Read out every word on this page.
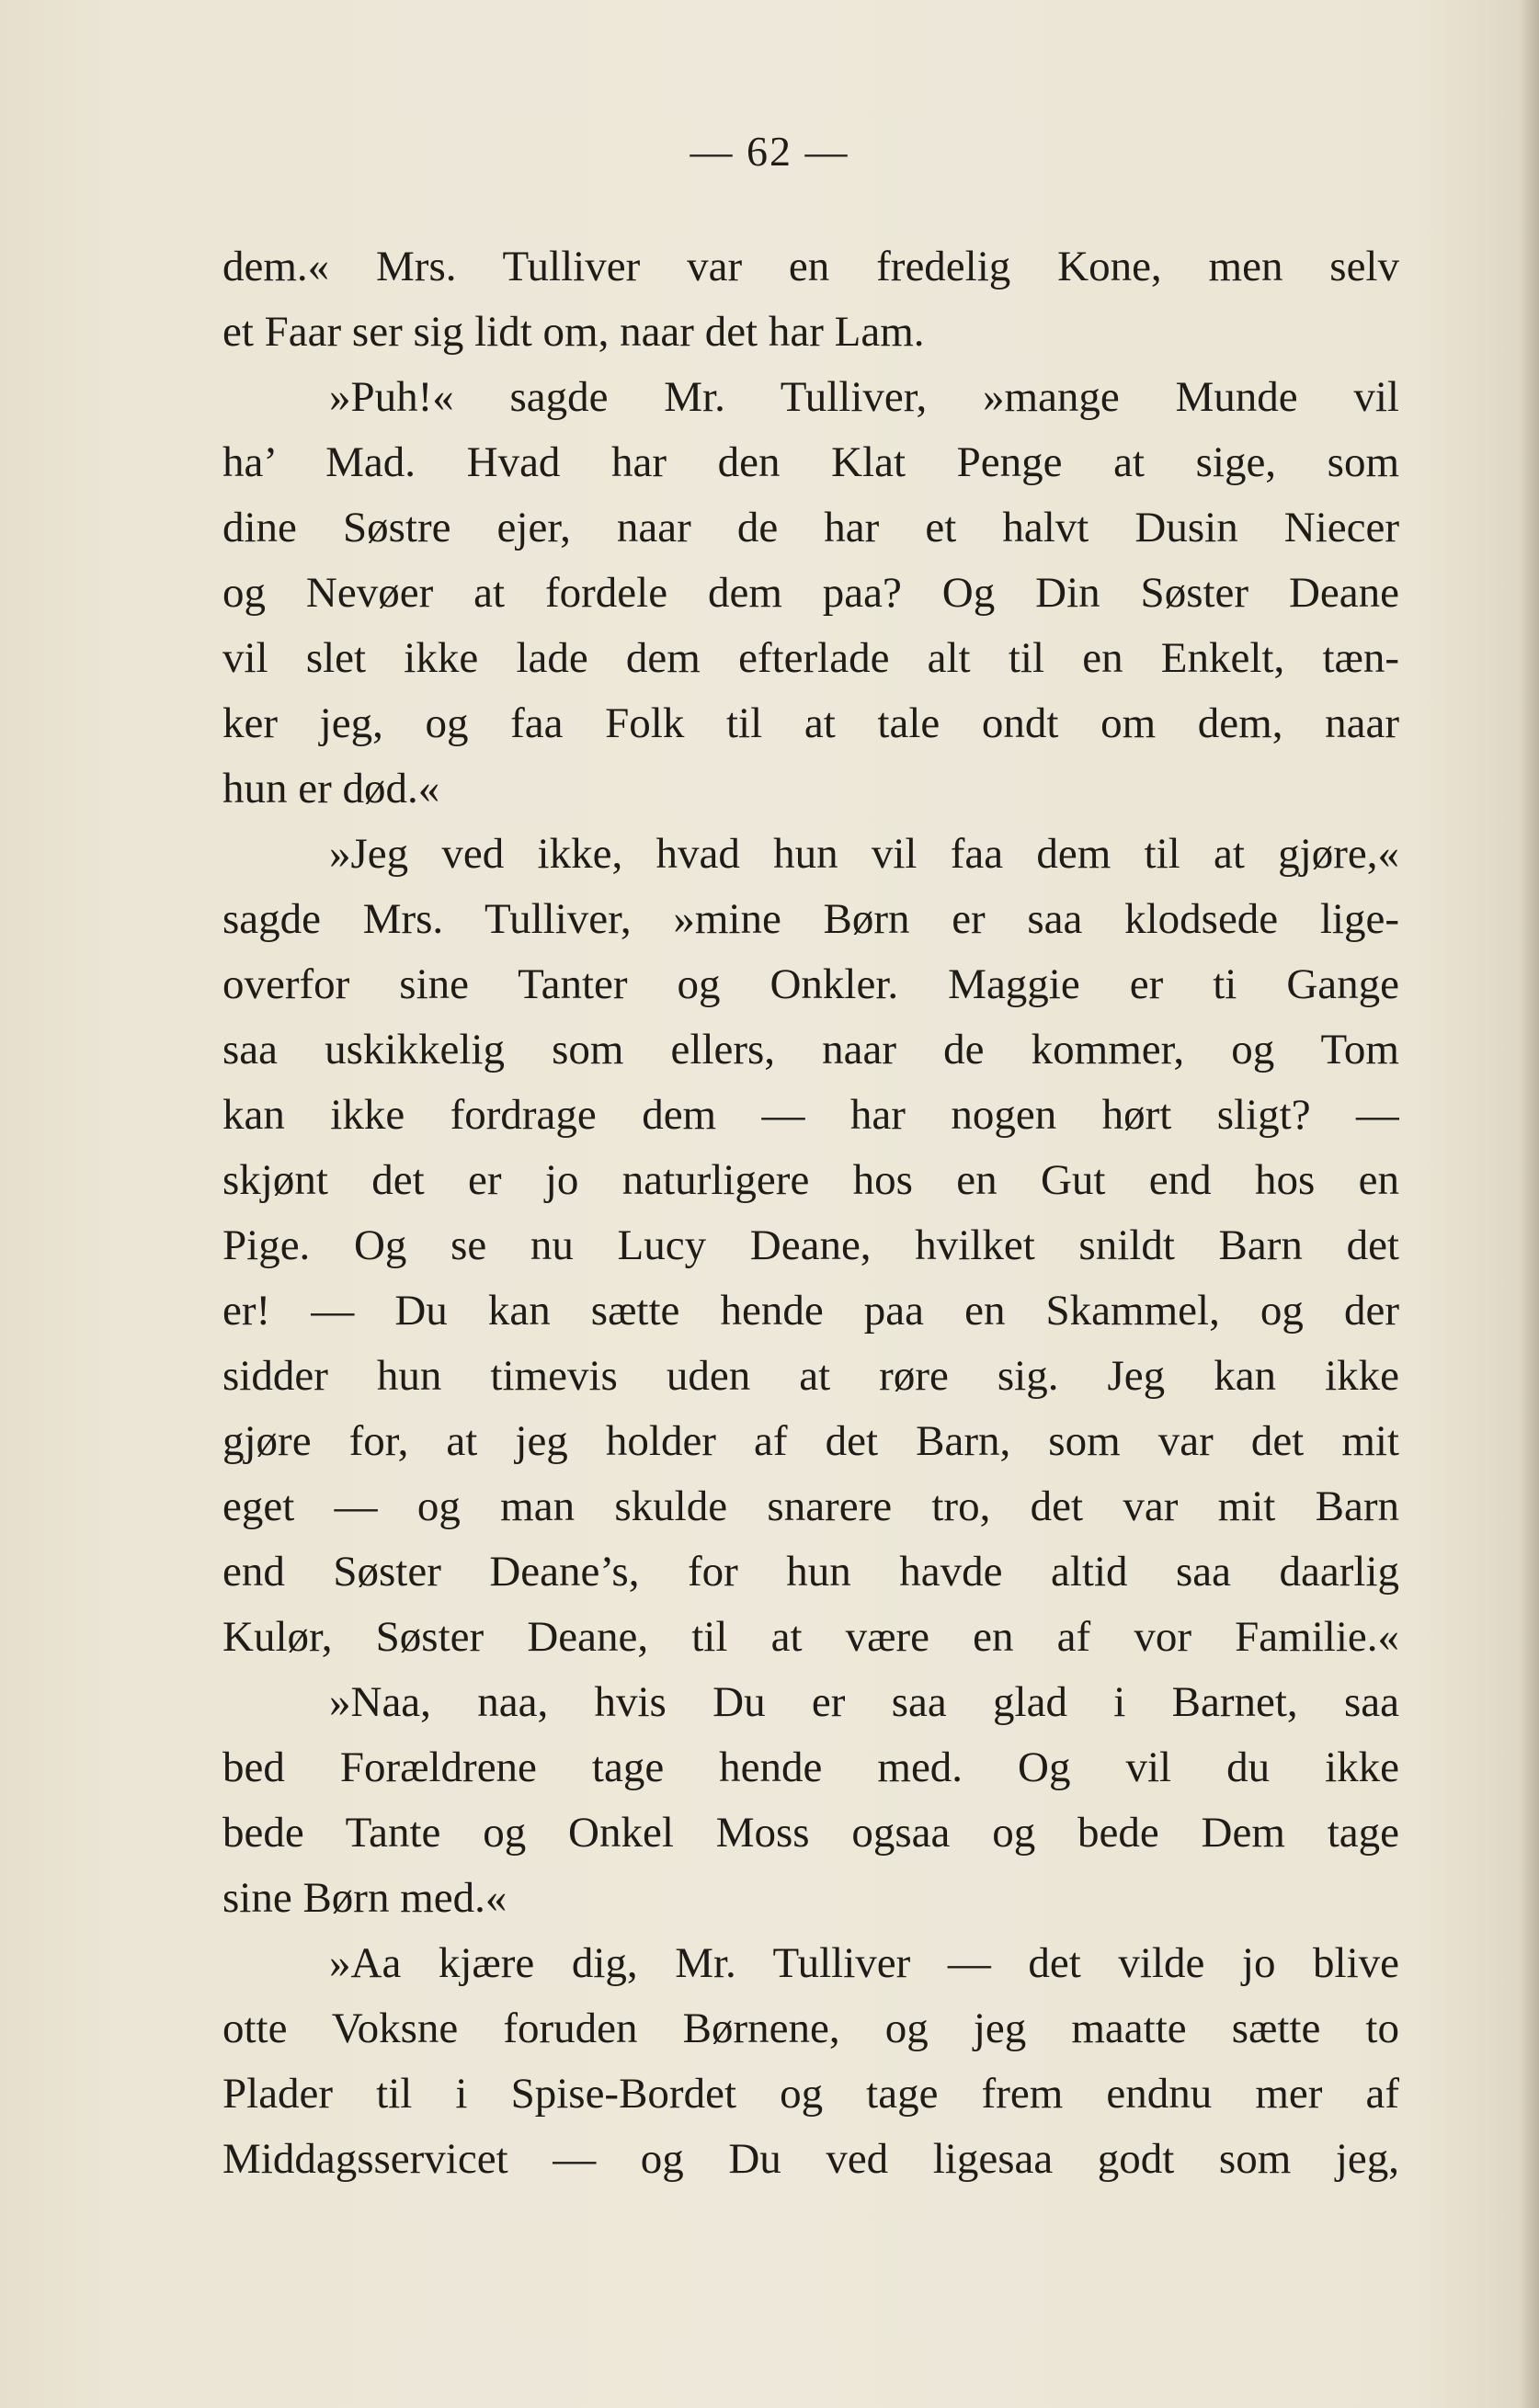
— 62 —
dem.« Mrs. Tulliver var en fredelig Kone, men selv
et Faar ser sig lidt om, naar det har Lam.
»Puh!« sagde Mr. Tulliver, »mange Munde vil
ha’ Mad. Hvad har den Klat Penge at sige, som
dine Søstre ejer, naar de har et halvt Dusin Niecer
og Nevøer at fordele dem paa? Og Din Søster Deane
vil slet ikke lade dem efterlade alt til en Enkelt, tæn-
ker jeg, og faa Folk til at tale ondt om dem, naar
hun er død.«
»Jeg ved ikke, hvad hun vil faa dem til at gjøre,«
sagde Mrs. Tulliver, »mine Børn er saa klodsede lige-
overfor sine Tanter og Onkler. Maggie er ti Gange
saa uskikkelig som ellers, naar de kommer, og Tom
kan ikke fordrage dem — har nogen hørt sligt? —
skjønt det er jo naturligere hos en Gut end hos en
Pige. Og se nu Lucy Deane, hvilket snildt Barn det
er! — Du kan sætte hende paa en Skammel, og der
sidder hun timevis uden at røre sig. Jeg kan ikke
gjøre for, at jeg holder af det Barn, som var det mit
eget — og man skulde snarere tro, det var mit Barn
end Søster Deane’s, for hun havde altid saa daarlig
Kulør, Søster Deane, til at være en af vor Familie.«
»Naa, naa, hvis Du er saa glad i Barnet, saa
bed Forældrene tage hende med. Og vil du ikke
bede Tante og Onkel Moss ogsaa og bede Dem tage
sine Børn med.«
»Aa kjære dig, Mr. Tulliver — det vilde jo blive
otte Voksne foruden Børnene, og jeg maatte sætte to
Plader til i Spise-Bordet og tage frem endnu mer af
Middagsservicet — og Du ved ligesaa godt som jeg,
